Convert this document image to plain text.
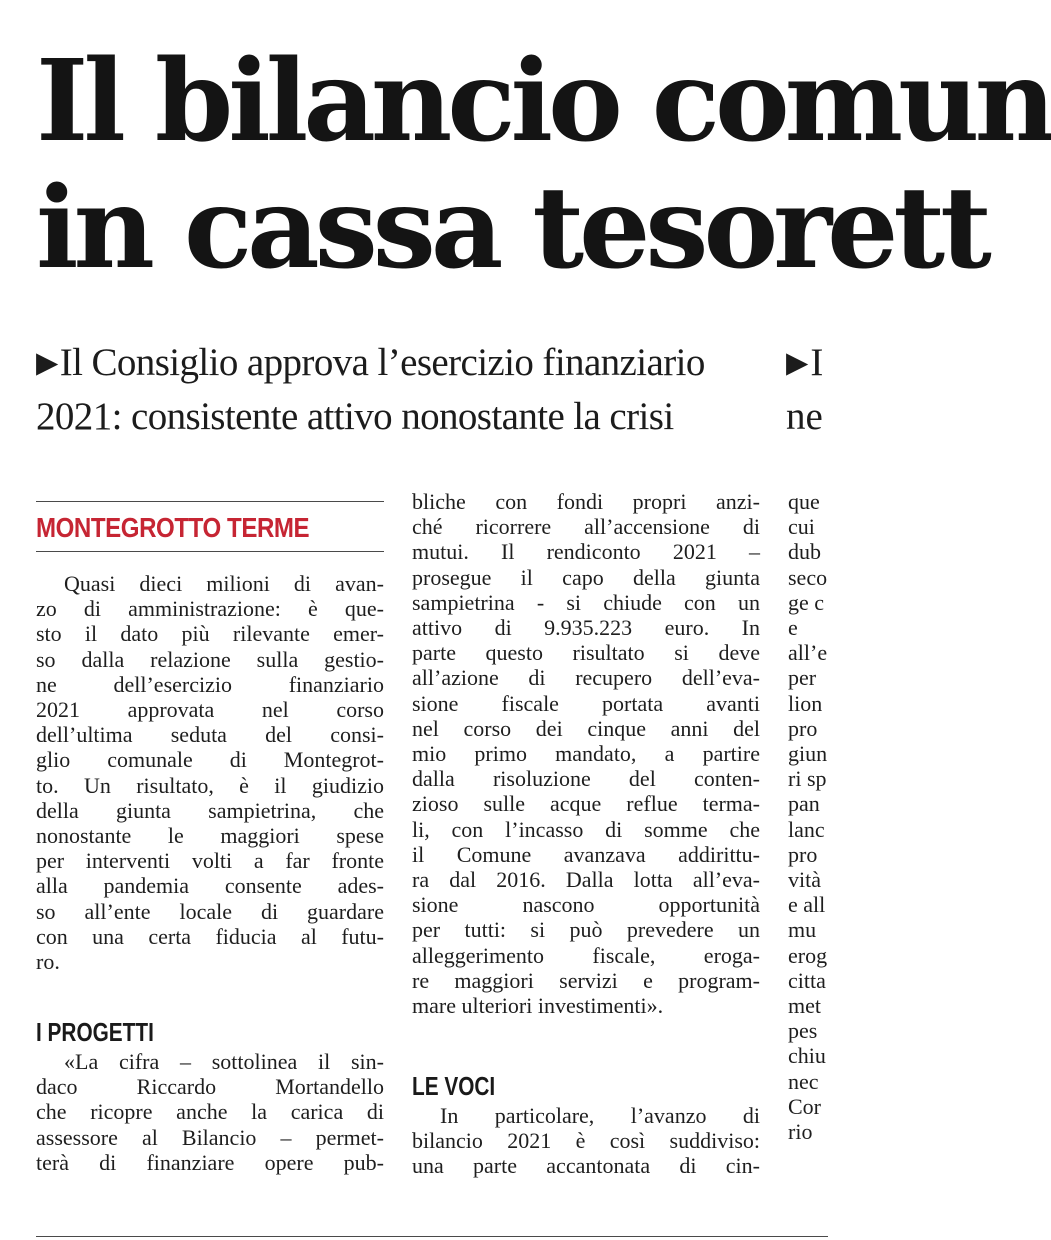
Il bilancio comun
in cassa tesorett

▶Il Consiglio approva l’esercizio finanziario 2021: consistente attivo nonostante la crisi

▶I
ne

MONTEGROTTO TERME

Quasi dieci milioni di avan-

zo di amministrazione: è que-

sto il dato più rilevante emer-

so dalla relazione sulla gestio-

ne dell’esercizio finanziario

2021 approvata nel corso

dell’ultima seduta del consi-

glio comunale di Montegrot-

to. Un risultato, è il giudizio

della giunta sampietrina, che

nonostante le maggiori spese

per interventi volti a far fronte

alla pandemia consente ades-

so all’ente locale di guardare

con una certa fiducia al futu-

ro.

I PROGETTI

«La cifra – sottolinea il sin-

daco Riccardo Mortandello

che ricopre anche la carica di

assessore al Bilancio – permet-

terà di finanziare opere pub-

bliche con fondi propri anzi-

ché ricorrere all’accensione di

mutui. Il rendiconto 2021 –

prosegue il capo della giunta

sampietrina - si chiude con un

attivo di 9.935.223 euro. In

parte questo risultato si deve

all’azione di recupero dell’eva-

sione fiscale portata avanti

nel corso dei cinque anni del

mio primo mandato, a partire

dalla risoluzione del conten-

zioso sulle acque reflue terma-

li, con l’incasso di somme che

il Comune avanzava addirittu-

ra dal 2016. Dalla lotta all’eva-

sione nascono opportunità

per tutti: si può prevedere un

alleggerimento fiscale, eroga-

re maggiori servizi e program-

mare ulteriori investimenti».

LE VOCI

In particolare, l’avanzo di

bilancio 2021 è così suddiviso:

una parte accantonata di cin-

que

cui

dub

seco

ge c

e

all’e

per

lion

pro

giun

ri sp

pan

lanc

pro

vità

e all

mu

erog

citta

met

pes

chiu

nec

Cor

rio
